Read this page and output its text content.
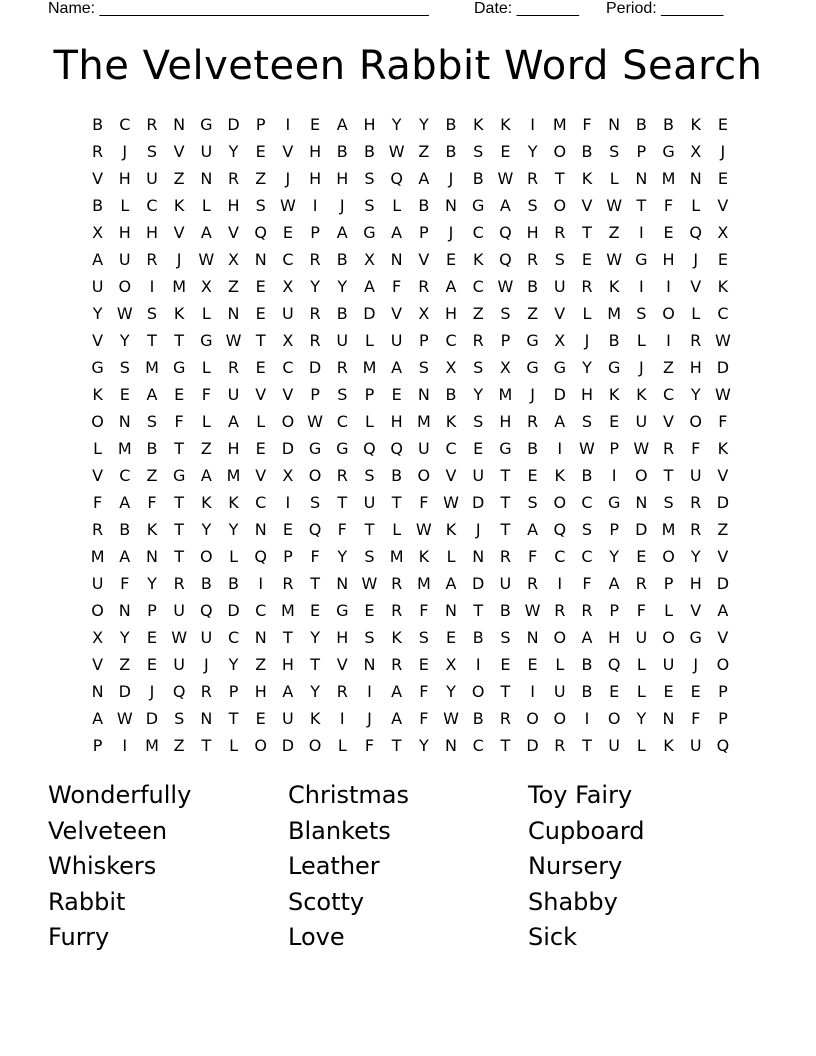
Name: _____________________________________	Date: _______ Period: _______
The Velveteen Rabbit Word Search
B	C	R N G D	P	I	E	A H	Y	Y	B	K	K	I	M F	N B	B	K	E
R	J	S	V U	Y	E	V H B	B W Z	B	S	E	Y	O B	S	P	G X	J
V H U Z N R	Z	J	H H	S Q A	J	B W R	T	K	L	N M N	E
B	L	C	K	L	H	S W	I	J	S	L	B N G A	S O V W T	F	L	V
X H H V	A	V Q E	P	A G A	P	J	C Q H R	T	Z	I	E Q X
A U R	J	W X N C	R	B	X N V	E	K Q R	S	E W G H	J	E
U O	I	M X	Z	E	X	Y	Y	A	F	R	A	C W B U R	K	I	I	V	K
Y W S	K	L	N	E	U R	B D V	X H Z	S	Z	V	L M S O	L	C
V	Y	T	T	G W T	X	R U	L	U	P	C	R	P	G X	J	B	L	I	R W
G S M G	L	R	E	C D R M A	S	X	S	X G G	Y	G	J	Z H D
K	E	A	E	F	U V	V	P	S	P	E	N B	Y M	J	D H K	K	C	Y W
O N	S	F	L	A	L	O W C	L	H M K	S	H R	A	S	E	U V O	F
L M B	T	Z H	E D G G Q Q U C	E G B	I	W P W R	F	K
V	C	Z G A M V	X O R	S	B O V U	T	E	K	B	I	O	T	U V
F	A	F	T	K	K	C	I	S	T	U	T	F W D	T	S O C G N	S	R D
R	B	K	T	Y	Y	N	E Q	F	T	L W K	J	T	A Q S	P	D M R	Z
M A N	T	O	L	Q	P	F	Y	S M K	L	N R	F	C	C	Y	E O	Y	V
U	F	Y	R	B	B	I	R	T	N W R M A D U R	I	F	A	R	P	H D
O N	P	U Q D C M E G E	R	F	N	T	B W R	R	P	F	L	V	A
X	Y	E W U C N	T	Y	H	S	K	S	E	B	S	N O A H U O G V
V	Z	E	U	J	Y	Z H	T	V N R	E	X	I	E	E	L	B Q	L	U	J	O
N D	J	Q R	P	H A	Y	R	I	A	F	Y	O	T	I	U B	E	L	E	E	P
A W D S	N	T	E	U	K	I	J	A	F W B	R O O	I	O	Y	N	F	P
P	I	M Z	T	L	O D O	L	F	T	Y	N C	T	D R	T	U	L	K	U Q
Wonderfully	Christmas	Toy Fairy
Velveteen	Blankets	Cupboard
Whiskers	Leather	Nursery
Rabbit	Scotty	Shabby
Furry	Love	Sick
